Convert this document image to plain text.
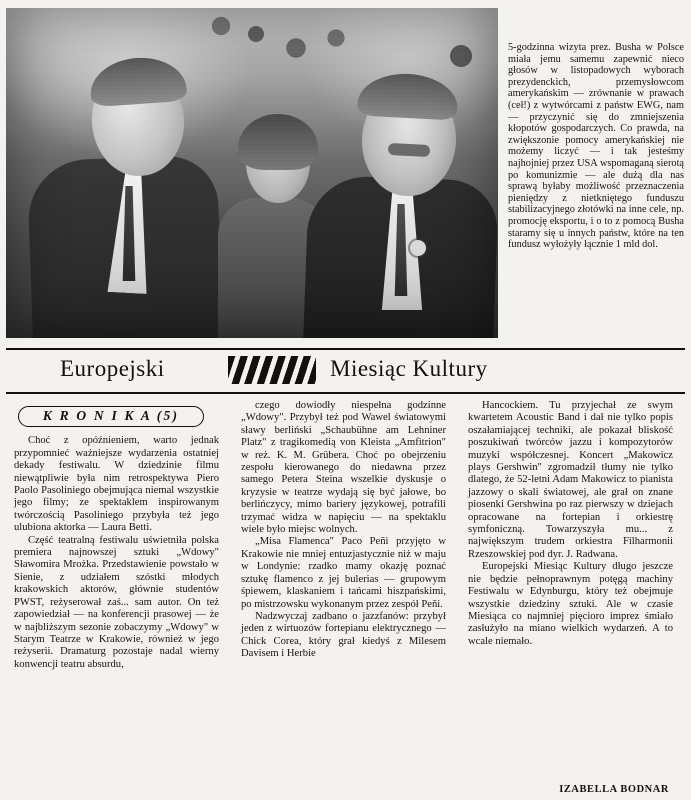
5-godzinna wizyta prez. Busha w Polsce miała jemu samemu zapewnić nieco głosów w listopadowych wyborach prezydenckich, przemysłowcom amerykańskim — zrównanie w prawach (ceł!) z wytwórcami z państw EWG, nam — przyczynić się do zmniejszenia kłopotów gospodarczych. Co prawda, na zwiększonie pomocy amerykańskiej nie możemy liczyć — i tak jesteśmy najhojniej przez USA wspomaganą sierotą po komunizmie — ale dużą dla nas sprawą byłaby możliwość przeznaczenia pieniędzy z nietkniętego funduszu stabilizacyjnego złotówki na inne cele, np. promocję eksportu, i o to z pomocą Busha staramy się u innych państw, które na ten fundusz wyłożyły łącznie 1 mld dol.
Europejski	Miesiąc Kultury
K R O N I K A (5)

Choć z opóźnieniem, warto jednak przypomnieć ważniejsze wydarzenia ostatniej dekady festiwalu. W dziedzinie filmu niewątpliwie była nim retrospektywa Piero Paolo Pasoliniego obejmująca niemal wszystkie jego filmy; ze spektaklem inspirowanym twórczością Pasoliniego przybyła też jego ulubiona aktorka — Laura Betti.

Część teatralną festiwalu uświetniła polska premiera najnowszej sztuki „Wdowy" Sławomira Mrożka. Przedstawienie powstało w Sienie, z udziałem szóstki młodych krakowskich aktorów, głównie studentów PWST, reżyserował zaś... sam autor. On też zapowiedział — na konferencji prasowej — że w najbliższym sezonie zobaczymy „Wdowy" w Starym Teatrze w Krakowie, również w jego reżyserii. Dramaturg pozostaje nadal wierny konwencji teatru absurdu,

czego dowiodły niespełna godzinne „Wdowy". Przybył też pod Wawel światowymi sławy berliński „Schaubühne am Lehniner Platz" z tragikomedią von Kleista „Amfitrion" w reż. K. M. Grübera. Choć po obejrzeniu zespołu kierowanego do niedawna przez samego Petera Steina wszelkie dyskusje o kryzysie w teatrze wydają się być jałowe, bo berlińczycy, mimo bariery językowej, potrafili trzymać widza w napięciu — na spektaklu wiele było miejsc wolnych.

„Misa Flamenca" Paco Peñi przyjęto w Krakowie nie mniej entuzjastycznie niż w maju w Londynie: rzadko mamy okazję poznać sztukę flamenco z jej bulerias — grupowym śpiewem, klaskaniem i tańcami hiszpańskimi, po mistrzowsku wykonanym przez zespół Peñi.

Nadzwyczaj zadbano o jazzfanów: przybył jeden z wirtuozów fortepianu elektrycznego — Chick Corea, który grał kiedyś z Milesem Davisem i Herbie

Hancockiem. Tu przyjechał ze swym kwartetem Acoustic Band i dał nie tylko popis oszałamiającej techniki, ale pokazał bliskość poszukiwań twórców jazzu i kompozytorów muzyki współczesnej. Koncert „Makowicz plays Gershwin" zgromadził tłumy nie tylko dlatego, że 52-letni Adam Makowicz to pianista jazzowy o skali światowej, ale grał on znane piosenki Gershwina po raz pierwszy w dziejach opracowane na fortepian i orkiestrę symfoniczną. Towarzyszyła mu... z największym trudem orkiestra Filharmonii Rzeszowskiej pod dyr. J. Radwana.

Europejski Miesiąc Kultury długo jeszcze nie będzie pełnoprawnym potęgą machiny Festiwalu w Edynburgu, który też obejmuje wszystkie dziedziny sztuki. Ale w czasie Miesiąca co najmniej pięcioro imprez śmiało zasłużyło na miano wielkich wydarzeń. A to wcale niemało.

IZABELLA BODNAR
